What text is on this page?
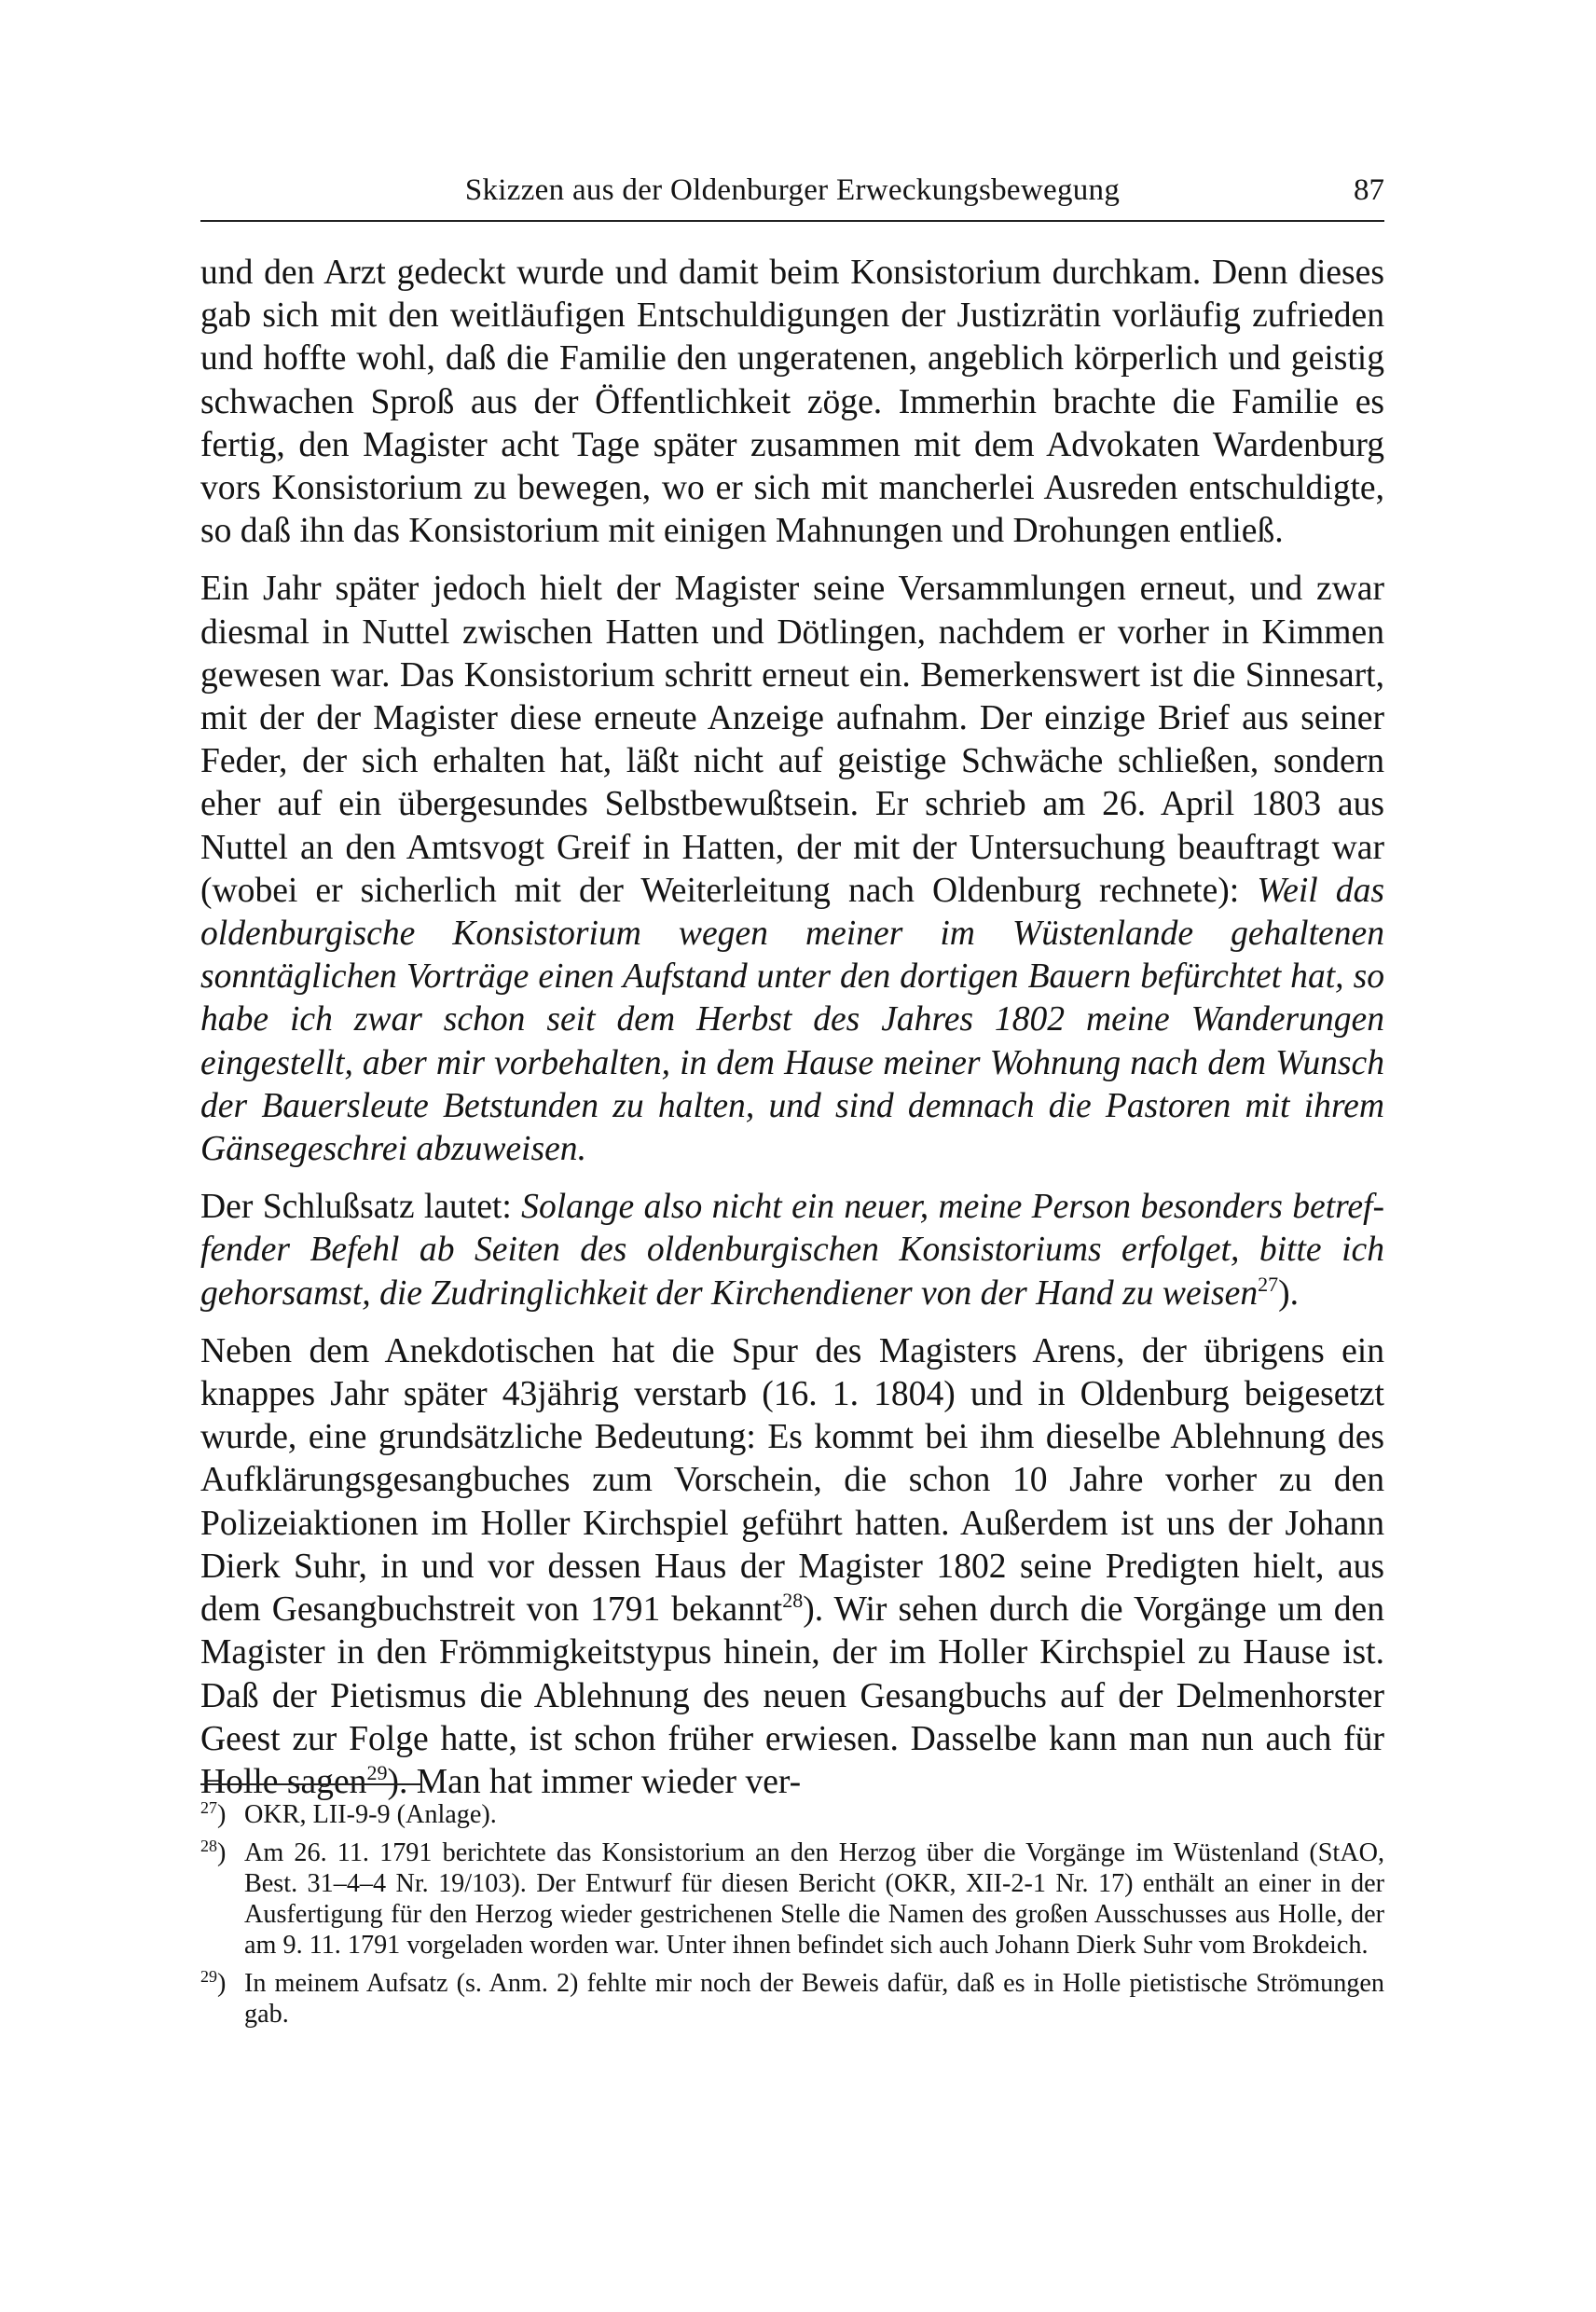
Skizzen aus der Oldenburger Erweckungsbewegung	87

und den Arzt gedeckt wurde und damit beim Konsistorium durchkam. Denn dieses gab sich mit den weitläufigen Entschuldigungen der Justizrätin vorläufig zufrieden und hoffte wohl, daß die Familie den ungeratenen, angeblich körperlich und geistig schwachen Sproß aus der Öffentlichkeit zöge. Immerhin brachte die Familie es fertig, den Magister acht Tage später zusammen mit dem Advokaten Wardenburg vors Konsistorium zu bewegen, wo er sich mit mancherlei Ausreden entschuldigte, so daß ihn das Konsistorium mit einigen Mahnungen und Drohungen entließ.

Ein Jahr später jedoch hielt der Magister seine Versammlungen erneut, und zwar diesmal in Nuttel zwischen Hatten und Dötlingen, nachdem er vorher in Kimmen gewesen war. Das Konsistorium schritt erneut ein. Bemerkenswert ist die Sinnesart, mit der der Magister diese erneute Anzeige aufnahm. Der einzige Brief aus seiner Feder, der sich erhalten hat, läßt nicht auf geistige Schwäche schließen, sondern eher auf ein übergesundes Selbstbewußtsein. Er schrieb am 26. April 1803 aus Nuttel an den Amtsvogt Greif in Hatten, der mit der Untersuchung beauftragt war (wobei er sicherlich mit der Weiterleitung nach Oldenburg rechnete): Weil das oldenburgische Konsistorium wegen meiner im Wüstenlande gehaltenen sonntäglichen Vorträge einen Aufstand unter den dortigen Bauern befürchtet hat, so habe ich zwar schon seit dem Herbst des Jahres 1802 meine Wanderungen eingestellt, aber mir vorbehalten, in dem Hause meiner Wohnung nach dem Wunsch der Bauersleute Betstunden zu halten, und sind demnach die Pastoren mit ihrem Gänsegeschrei abzuweisen.

Der Schlußsatz lautet: Solange also nicht ein neuer, meine Person besonders betreffender Befehl ab Seiten des oldenburgischen Konsistoriums erfolget, bitte ich gehorsamst, die Zudringlichkeit der Kirchendiener von der Hand zu weisen$^{27}$).

Neben dem Anekdotischen hat die Spur des Magisters Arens, der übrigens ein knappes Jahr später 43jährig verstarb (16. 1. 1804) und in Oldenburg beigesetzt wurde, eine grundsätzliche Bedeutung: Es kommt bei ihm dieselbe Ablehnung des Aufklärungsgesangbuches zum Vorschein, die schon 10 Jahre vorher zu den Polizeiaktionen im Holler Kirchspiel geführt hatten. Außerdem ist uns der Johann Dierk Suhr, in und vor dessen Haus der Magister 1802 seine Predigten hielt, aus dem Gesangbuchstreit von 1791 bekannt$^{28}$). Wir sehen durch die Vorgänge um den Magister in den Frömmigkeitstypus hinein, der im Holler Kirchspiel zu Hause ist. Daß der Pietismus die Ablehnung des neuen Gesangbuchs auf der Delmenhorster Geest zur Folge hatte, ist schon früher erwiesen. Dasselbe kann man nun auch für Holle sagen$^{29}$). Man hat immer wieder ver-

$^{27}$) OKR, LII-9-9 (Anlage).
$^{28}$) Am 26. 11. 1791 berichtete das Konsistorium an den Herzog über die Vorgänge im Wüstenland (StAO, Best. 31–4–4 Nr. 19/103). Der Entwurf für diesen Bericht (OKR, XII-2-1 Nr. 17) enthält an einer in der Ausfertigung für den Herzog wieder gestrichenen Stelle die Namen des großen Ausschusses aus Holle, der am 9. 11. 1791 vorgeladen worden war. Unter ihnen befindet sich auch Johann Dierk Suhr vom Brokdeich.
$^{29}$) In meinem Aufsatz (s. Anm. 2) fehlte mir noch der Beweis dafür, daß es in Holle pietistische Strömungen gab.
